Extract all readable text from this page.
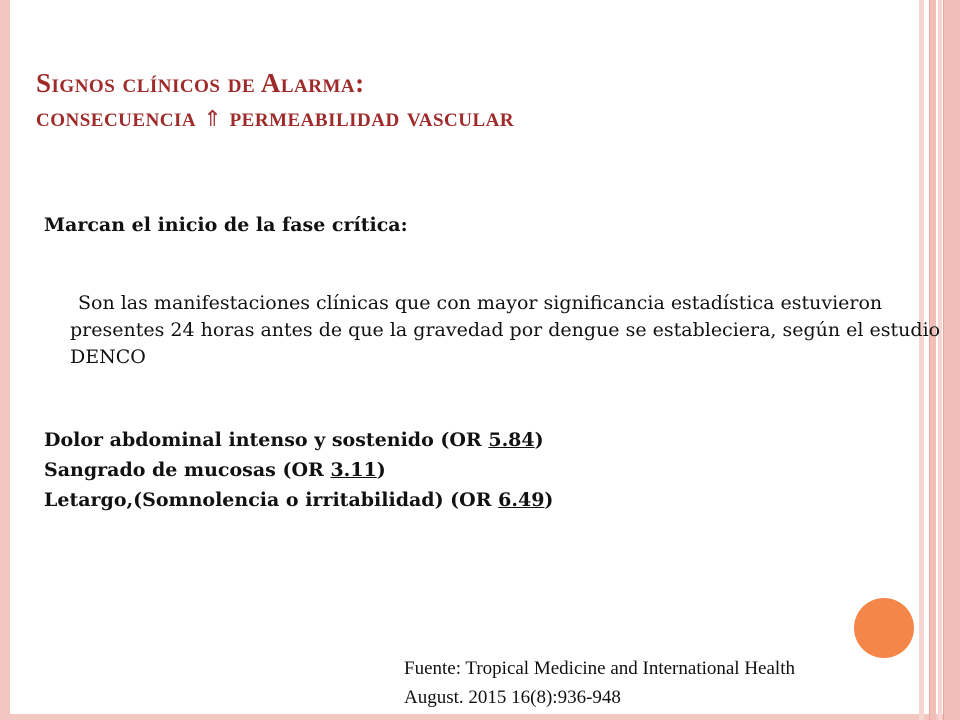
Signos clínicos de Alarma:
consecuencia ⇑ permeabilidad vascular
Marcan el inicio de la fase crítica:
Son las manifestaciones clínicas que con mayor significancia estadística estuvieron presentes 24 horas antes de que la gravedad por dengue se estableciera, según el estudio DENCO
Dolor abdominal intenso y sostenido (OR 5.84)
Sangrado de mucosas (OR 3.11)
Letargo,(Somnolencia o irritabilidad) (OR 6.49)
Fuente: Tropical Medicine and International Health
August. 2015 16(8):936-948
